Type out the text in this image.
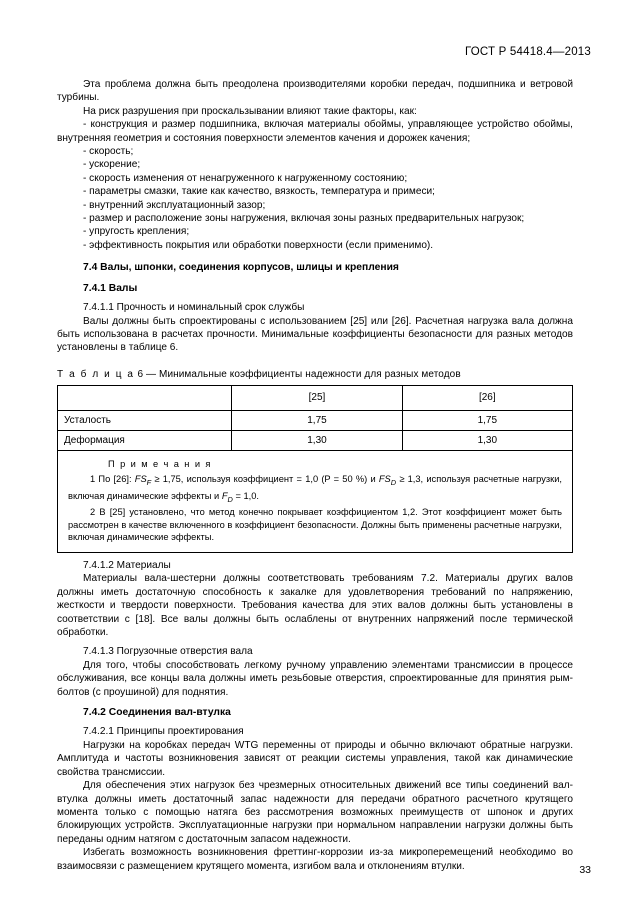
ГОСТ Р 54418.4—2013

Эта проблема должна быть преодолена производителями коробки передач, подшипника и ветровой турбины.

На риск разрушения при проскальзывании влияют такие факторы, как:

- конструкция и размер подшипника, включая материалы обоймы, управляющее устройство обоймы, внутренняя геометрия и состояния поверхности элементов качения и дорожек качения;

- скорость;

- ускорение;

- скорость изменения от ненагруженного к нагруженному состоянию;

- параметры смазки, такие как качество, вязкость, температура и примеси;

- внутренний эксплуатационный зазор;

- размер и расположение зоны нагружения, включая зоны разных предварительных нагрузок;

- упругость крепления;

- эффективность покрытия или обработки поверхности (если применимо).

7.4 Валы, шпонки, соединения корпусов, шлицы и крепления
7.4.1 Валы
7.4.1.1 Прочность и номинальный срок службы

Валы должны быть спроектированы с использованием [25] или [26]. Расчетная нагрузка вала должна быть использована в расчетах прочности. Минимальные коэффициенты безопасности для разных методов установлены в таблице 6.

Т а б л и ц а 6 — Минимальные коэффициенты надежности для разных методов
	[25]	[26]
Усталость	1,75	1,75
Деформация	1,30	1,30
П р и м е ч а н и я
1 По [26]: $FS_F \ge 1,75$, используя коэффициент = 1,0 (P = 50 %) и $FS_D \ge 1,3$, используя расчетные нагрузки, включая динамические эффекты и $F_D = 1,0$.
2 В [25] установлено, что метод конечно покрывает коэффициентом 1,2. Этот коэффициент может быть рассмотрен в качестве включенного в коэффициент безопасности. Должны быть применены расчетные нагрузки, включая динамические эффекты.
7.4.1.2 Материалы

Материалы вала-шестерни должны соответствовать требованиям 7.2. Материалы других валов должны иметь достаточную способность к закалке для удовлетворения требований по напряжению, жесткости и твердости поверхности. Требования качества для этих валов должны быть установлены в соответствии с [18]. Все валы должны быть ослаблены от внутренних напряжений после термической обработки.

7.4.1.3 Погрузочные отверстия вала

Для того, чтобы способствовать легкому ручному управлению элементами трансмиссии в процессе обслуживания, все концы вала должны иметь резьбовые отверстия, спроектированные для принятия рым-болтов (с проушиной) для поднятия.

7.4.2 Соединения вал-втулка
7.4.2.1 Принципы проектирования

Нагрузки на коробках передач WTG переменны от природы и обычно включают обратные нагрузки. Амплитуда и частоты возникновения зависят от реакции системы управления, такой как динамические свойства трансмиссии.

Для обеспечения этих нагрузок без чрезмерных относительных движений все типы соединений вал-втулка должны иметь достаточный запас надежности для передачи обратного расчетного крутящего момента только с помощью натяга без рассмотрения возможных преимуществ от шпонок и других блокирующих устройств. Эксплуатационные нагрузки при нормальном направлении нагрузки должны быть переданы одним натягом с достаточным запасом надежности.

Избегать возможность возникновения фреттинг-коррозии из-за микроперемещений необходимо во взаимосвязи с размещением крутящего момента, изгибом вала и отклонениям втулки.	33
